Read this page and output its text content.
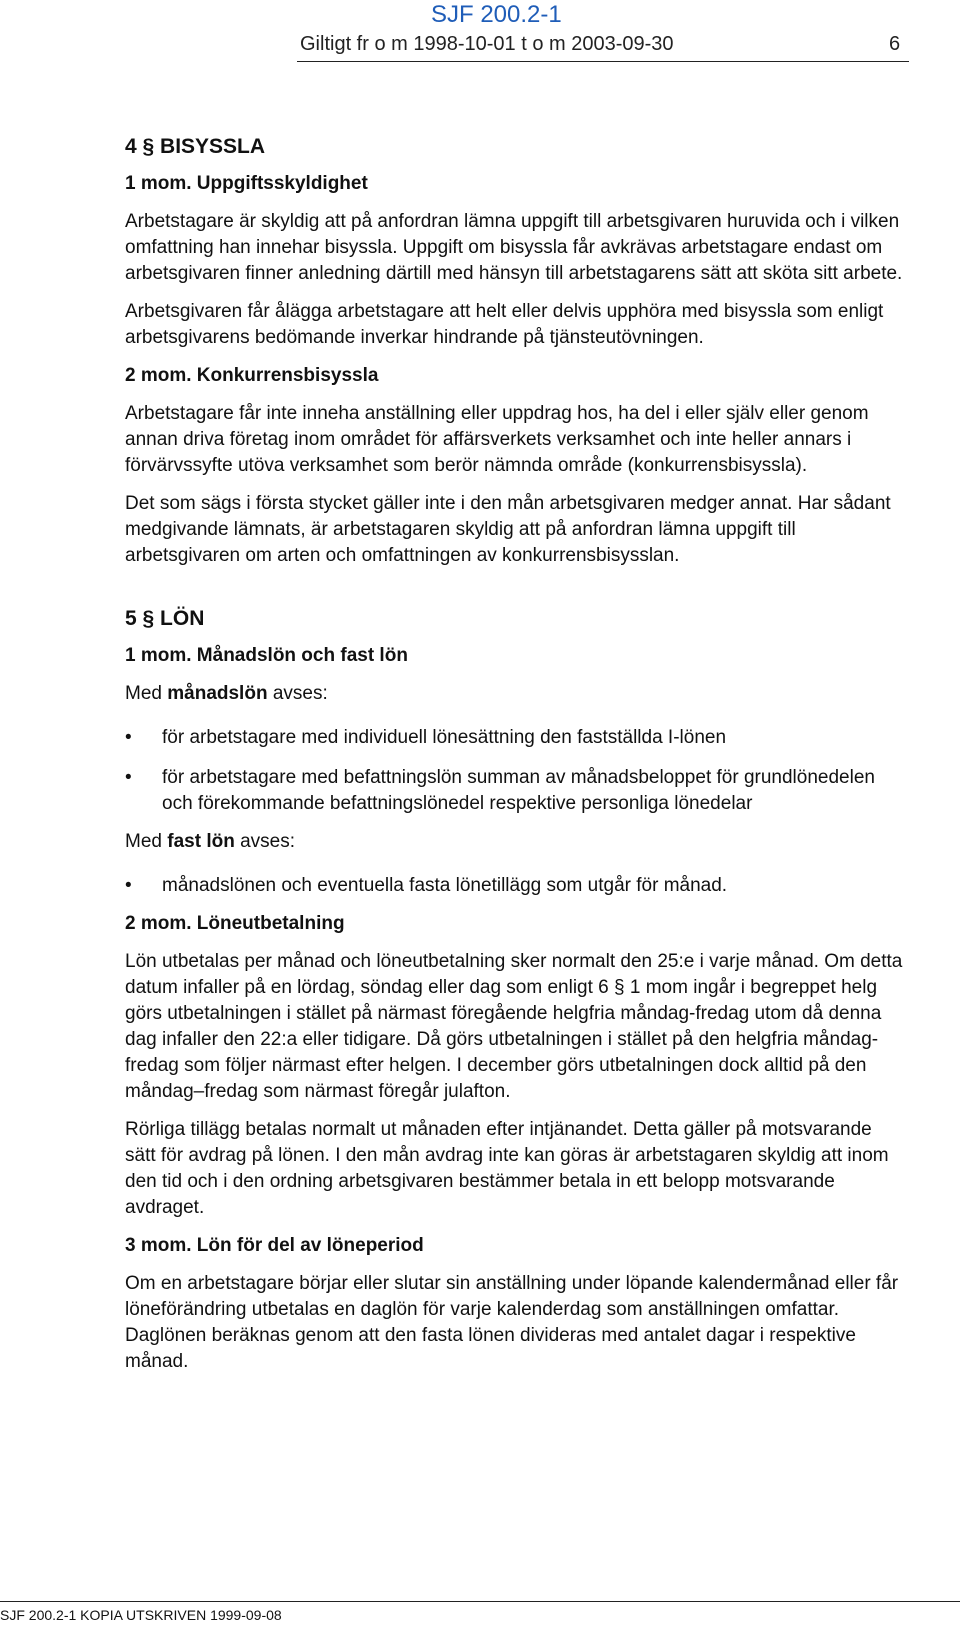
SJF 200.2-1
Giltigt fr o m 1998-10-01 t o m 2003-09-30	6
4 § BISYSSLA
1 mom. Uppgiftsskyldighet

Arbetstagare är skyldig att på anfordran lämna uppgift till arbetsgivaren huruvida och i vilken omfattning han innehar bisyssla. Uppgift om bisyssla får avkrävas arbetstagare endast om arbetsgivaren finner anledning därtill med hänsyn till arbetstagarens sätt att sköta sitt arbete.

Arbetsgivaren får ålägga arbetstagare att helt eller delvis upphöra med bisyssla som enligt arbetsgivarens bedömande inverkar hindrande på tjänsteutövningen.

2 mom. Konkurrensbisyssla

Arbetstagare får inte inneha anställning eller uppdrag hos, ha del i eller själv eller genom annan driva företag inom området för affärsverkets verksamhet och inte heller annars i förvärvssyfte utöva verksamhet som berör nämnda område (konkurrensbisyssla).

Det som sägs i första stycket gäller inte i den mån arbetsgivaren medger annat. Har sådant medgivande lämnats, är arbetstagaren skyldig att på anfordran lämna uppgift till arbetsgivaren om arten och omfattningen av konkurrensbisysslan.

5 § LÖN
1 mom. Månadslön och fast lön

Med månadslön avses:

•	för arbetstagare med individuell lönesättning den fastställda I-lönen
•	för arbetstagare med befattningslön summan av månadsbeloppet för grundlönedelen och förekommande befattningslönedel respektive personliga lönedelar

Med fast lön avses:

•	månadslönen och eventuella fasta lönetillägg som utgår för månad.
2 mom. Löneutbetalning

Lön utbetalas per månad och löneutbetalning sker normalt den 25:e i varje månad. Om detta datum infaller på en lördag, söndag eller dag som enligt 6 § 1 mom ingår i begreppet helg görs utbetalningen i stället på närmast föregående helgfria måndag-fredag utom då denna dag infaller den 22:a eller tidigare. Då görs utbetalningen i stället på den helgfria måndag-fredag som följer närmast efter helgen. I december görs utbetalningen dock alltid på den måndag–fredag som närmast föregår julafton.

Rörliga tillägg betalas normalt ut månaden efter intjänandet. Detta gäller på motsvarande sätt för avdrag på lönen. I den mån avdrag inte kan göras är arbetstagaren skyldig att inom den tid och i den ordning arbetsgivaren bestämmer betala in ett belopp motsvarande avdraget.

3 mom. Lön för del av löneperiod

Om en arbetstagare börjar eller slutar sin anställning under löpande kalendermånad eller får löneförändring utbetalas en daglön för varje kalenderdag som anställningen omfattar. Daglönen beräknas genom att den fasta lönen divideras med antalet dagar i respektive månad.

SJF 200.2-1 KOPIA UTSKRIVEN 1999-09-08
